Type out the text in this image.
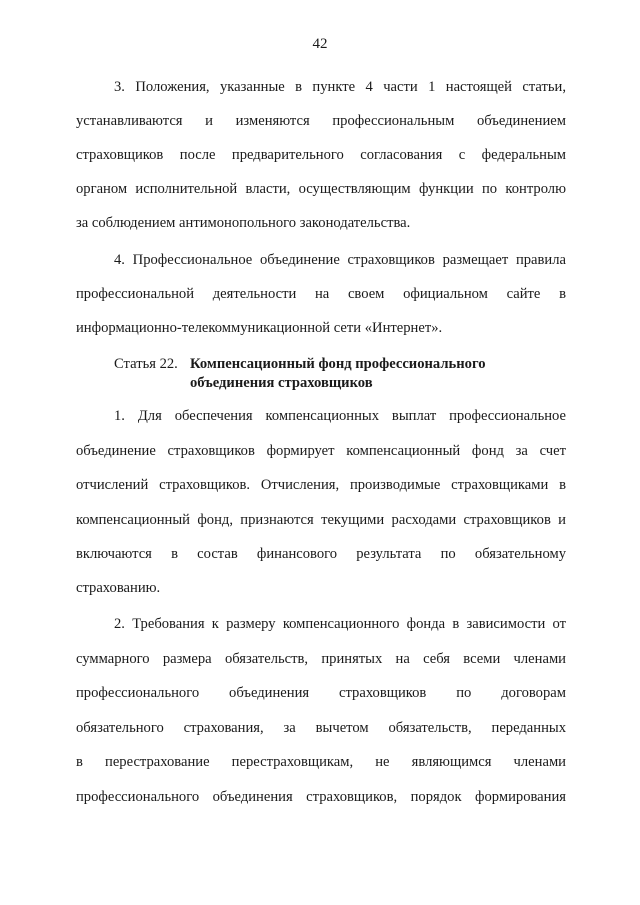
42
3. Положения, указанные в пункте 4 части 1 настоящей статьи,
устанавливаются и изменяются профессиональным объединением
страховщиков после предварительного согласования с федеральным
органом исполнительной власти, осуществляющим функции по контролю
за соблюдением антимонопольного законодательства.
4. Профессиональное объединение страховщиков размещает правила
профессиональной деятельности на своем официальном сайте в
информационно-телекоммуникационной сети «Интернет».
Статья 22. Компенсационный фонд профессионального
объединения страховщиков
1. Для обеспечения компенсационных выплат профессиональное
объединение страховщиков формирует компенсационный фонд за счет
отчислений страховщиков. Отчисления, производимые страховщиками в
компенсационный фонд, признаются текущими расходами страховщиков и
включаются в состав финансового результата по обязательному
страхованию.
2. Требования к размеру компенсационного фонда в зависимости от
суммарного размера обязательств, принятых на себя всеми членами
профессионального объединения страховщиков по договорам
обязательного страхования, за вычетом обязательств, переданных
в перестрахование перестраховщикам, не являющимся членами
профессионального объединения страховщиков, порядок формирования
